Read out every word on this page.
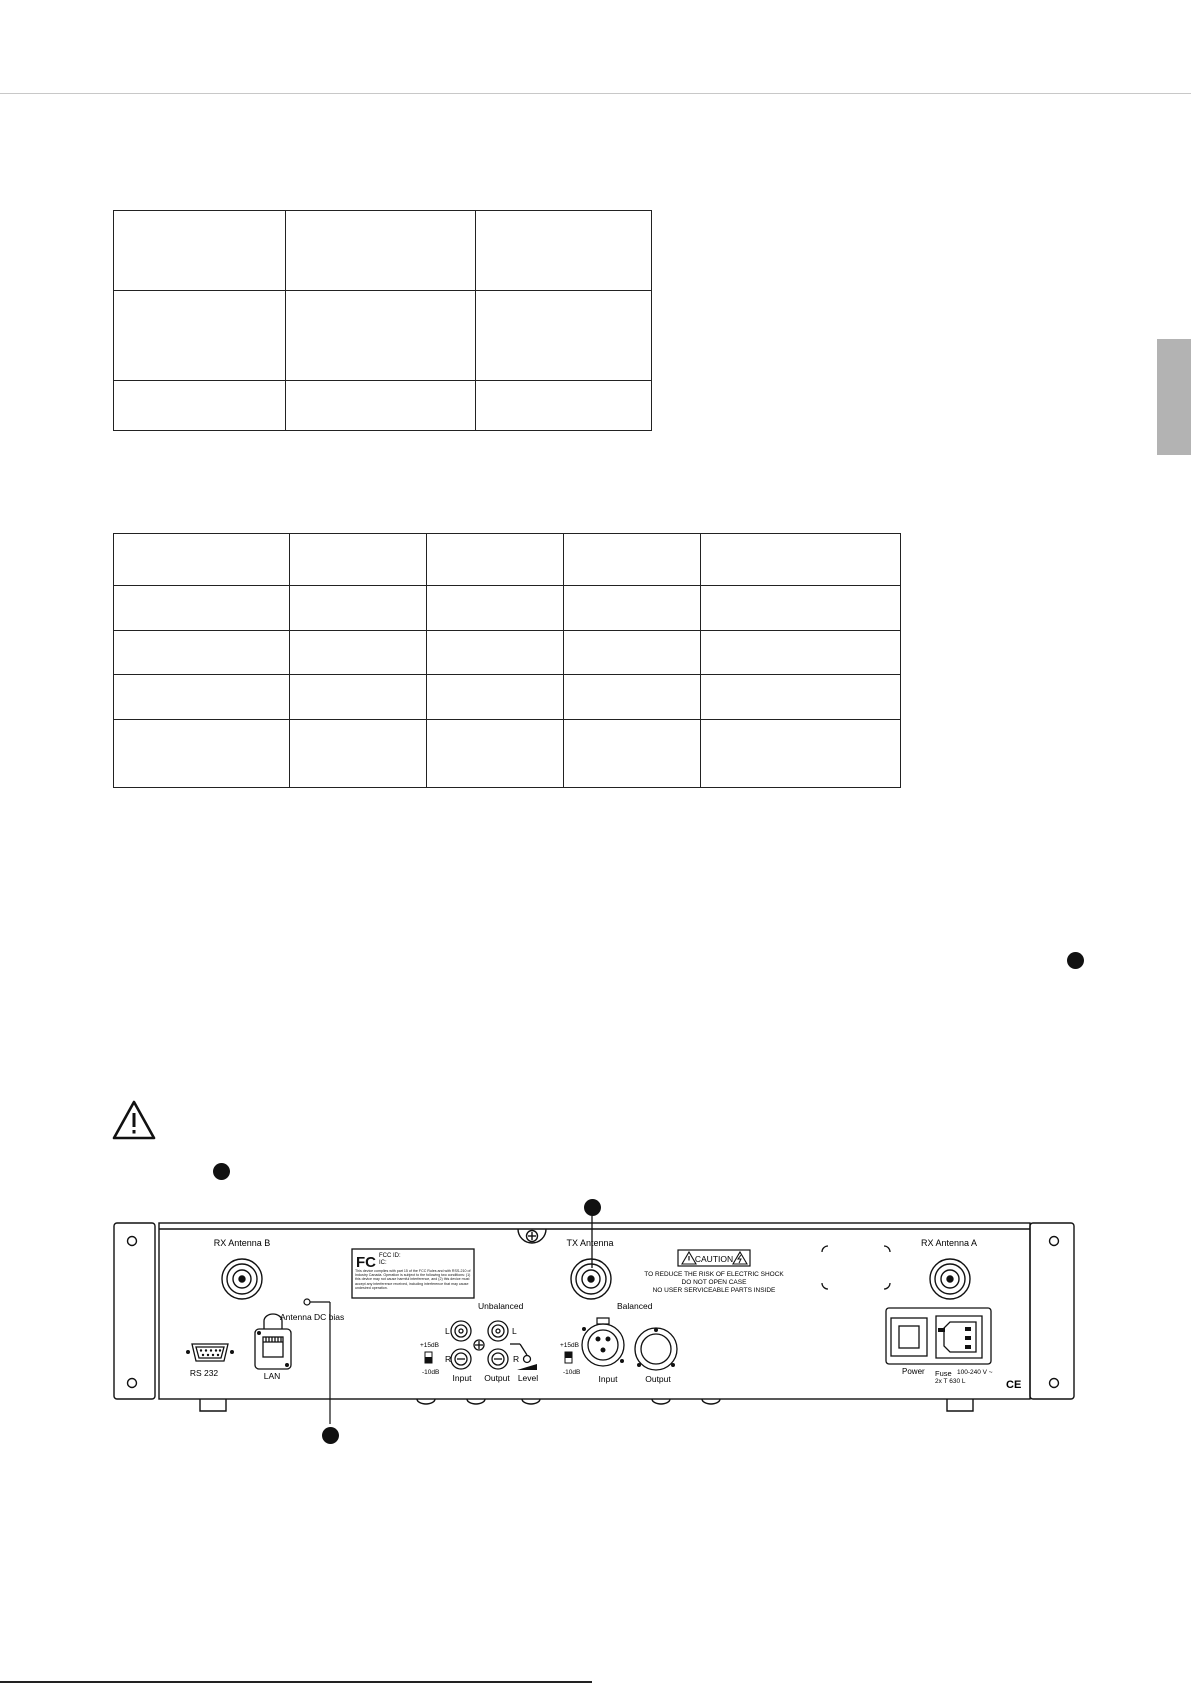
RX Antenna B
Antenna DC bias
RS 232	LAN
FC FCC ID:
IC:
This device complies with part 15 of the FCC Rules and with RSS-210 of Industry Canada. Operation is subject to the following two conditions: (1) this device may not cause harmful interference, and (2) this device must accept any interference received, including interference that may cause undesired operation.
Unbalanced
L
R
L
R
+15dB
-10dB
Input Output Level
TX Antenna
Balanced
+15dB
-10dB
Input	Output
CAUTION
TO REDUCE THE RISK OF ELECTRIC SHOCK
DO NOT OPEN CASE
NO USER SERVICEABLE PARTS INSIDE
RX Antenna A
Power Fuse 100-240 V ~
2x T 630 L	CE
